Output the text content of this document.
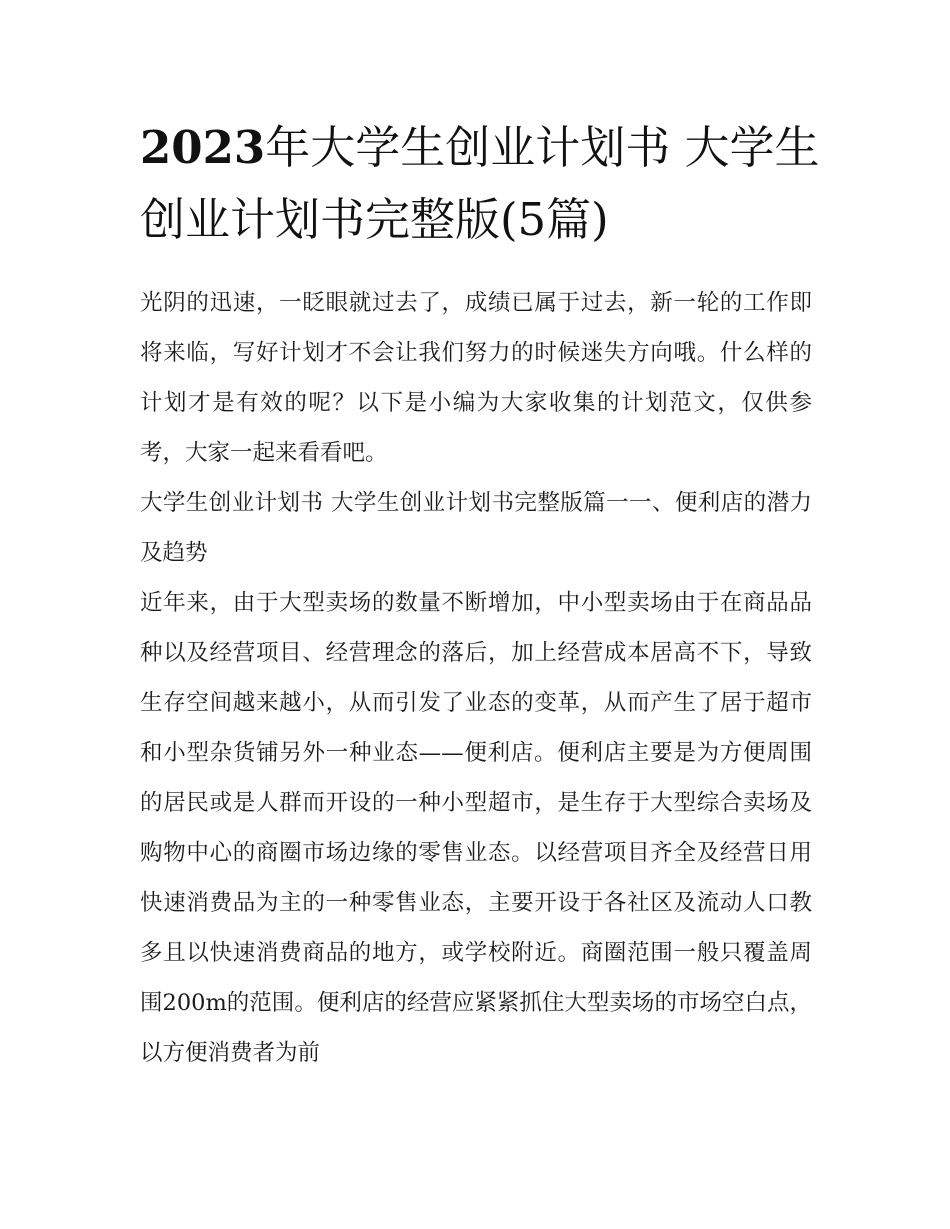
2023年大学生创业计划书 大学生创业计划书完整版(5篇)

光阴的迅速，一眨眼就过去了，成绩已属于过去，新一轮的工作即将来临，写好计划才不会让我们努力的时候迷失方向哦。什么样的计划才是有效的呢？以下是小编为大家收集的计划范文，仅供参考，大家一起来看看吧。

大学生创业计划书 大学生创业计划书完整版篇一一、便利店的潜力及趋势

近年来，由于大型卖场的数量不断增加，中小型卖场由于在商品品种以及经营项目、经营理念的落后，加上经营成本居高不下，导致生存空间越来越小，从而引发了业态的变革，从而产生了居于超市和小型杂货铺另外一种业态——便利店。便利店主要是为方便周围的居民或是人群而开设的一种小型超市，是生存于大型综合卖场及购物中心的商圈市场边缘的零售业态。以经营项目齐全及经营日用快速消费品为主的一种零售业态，主要开设于各社区及流动人口教多且以快速消费商品的地方，或学校附近。商圈范围一般只覆盖周围200m的范围。便利店的经营应紧紧抓住大型卖场的市场空白点，以方便消费者为前
